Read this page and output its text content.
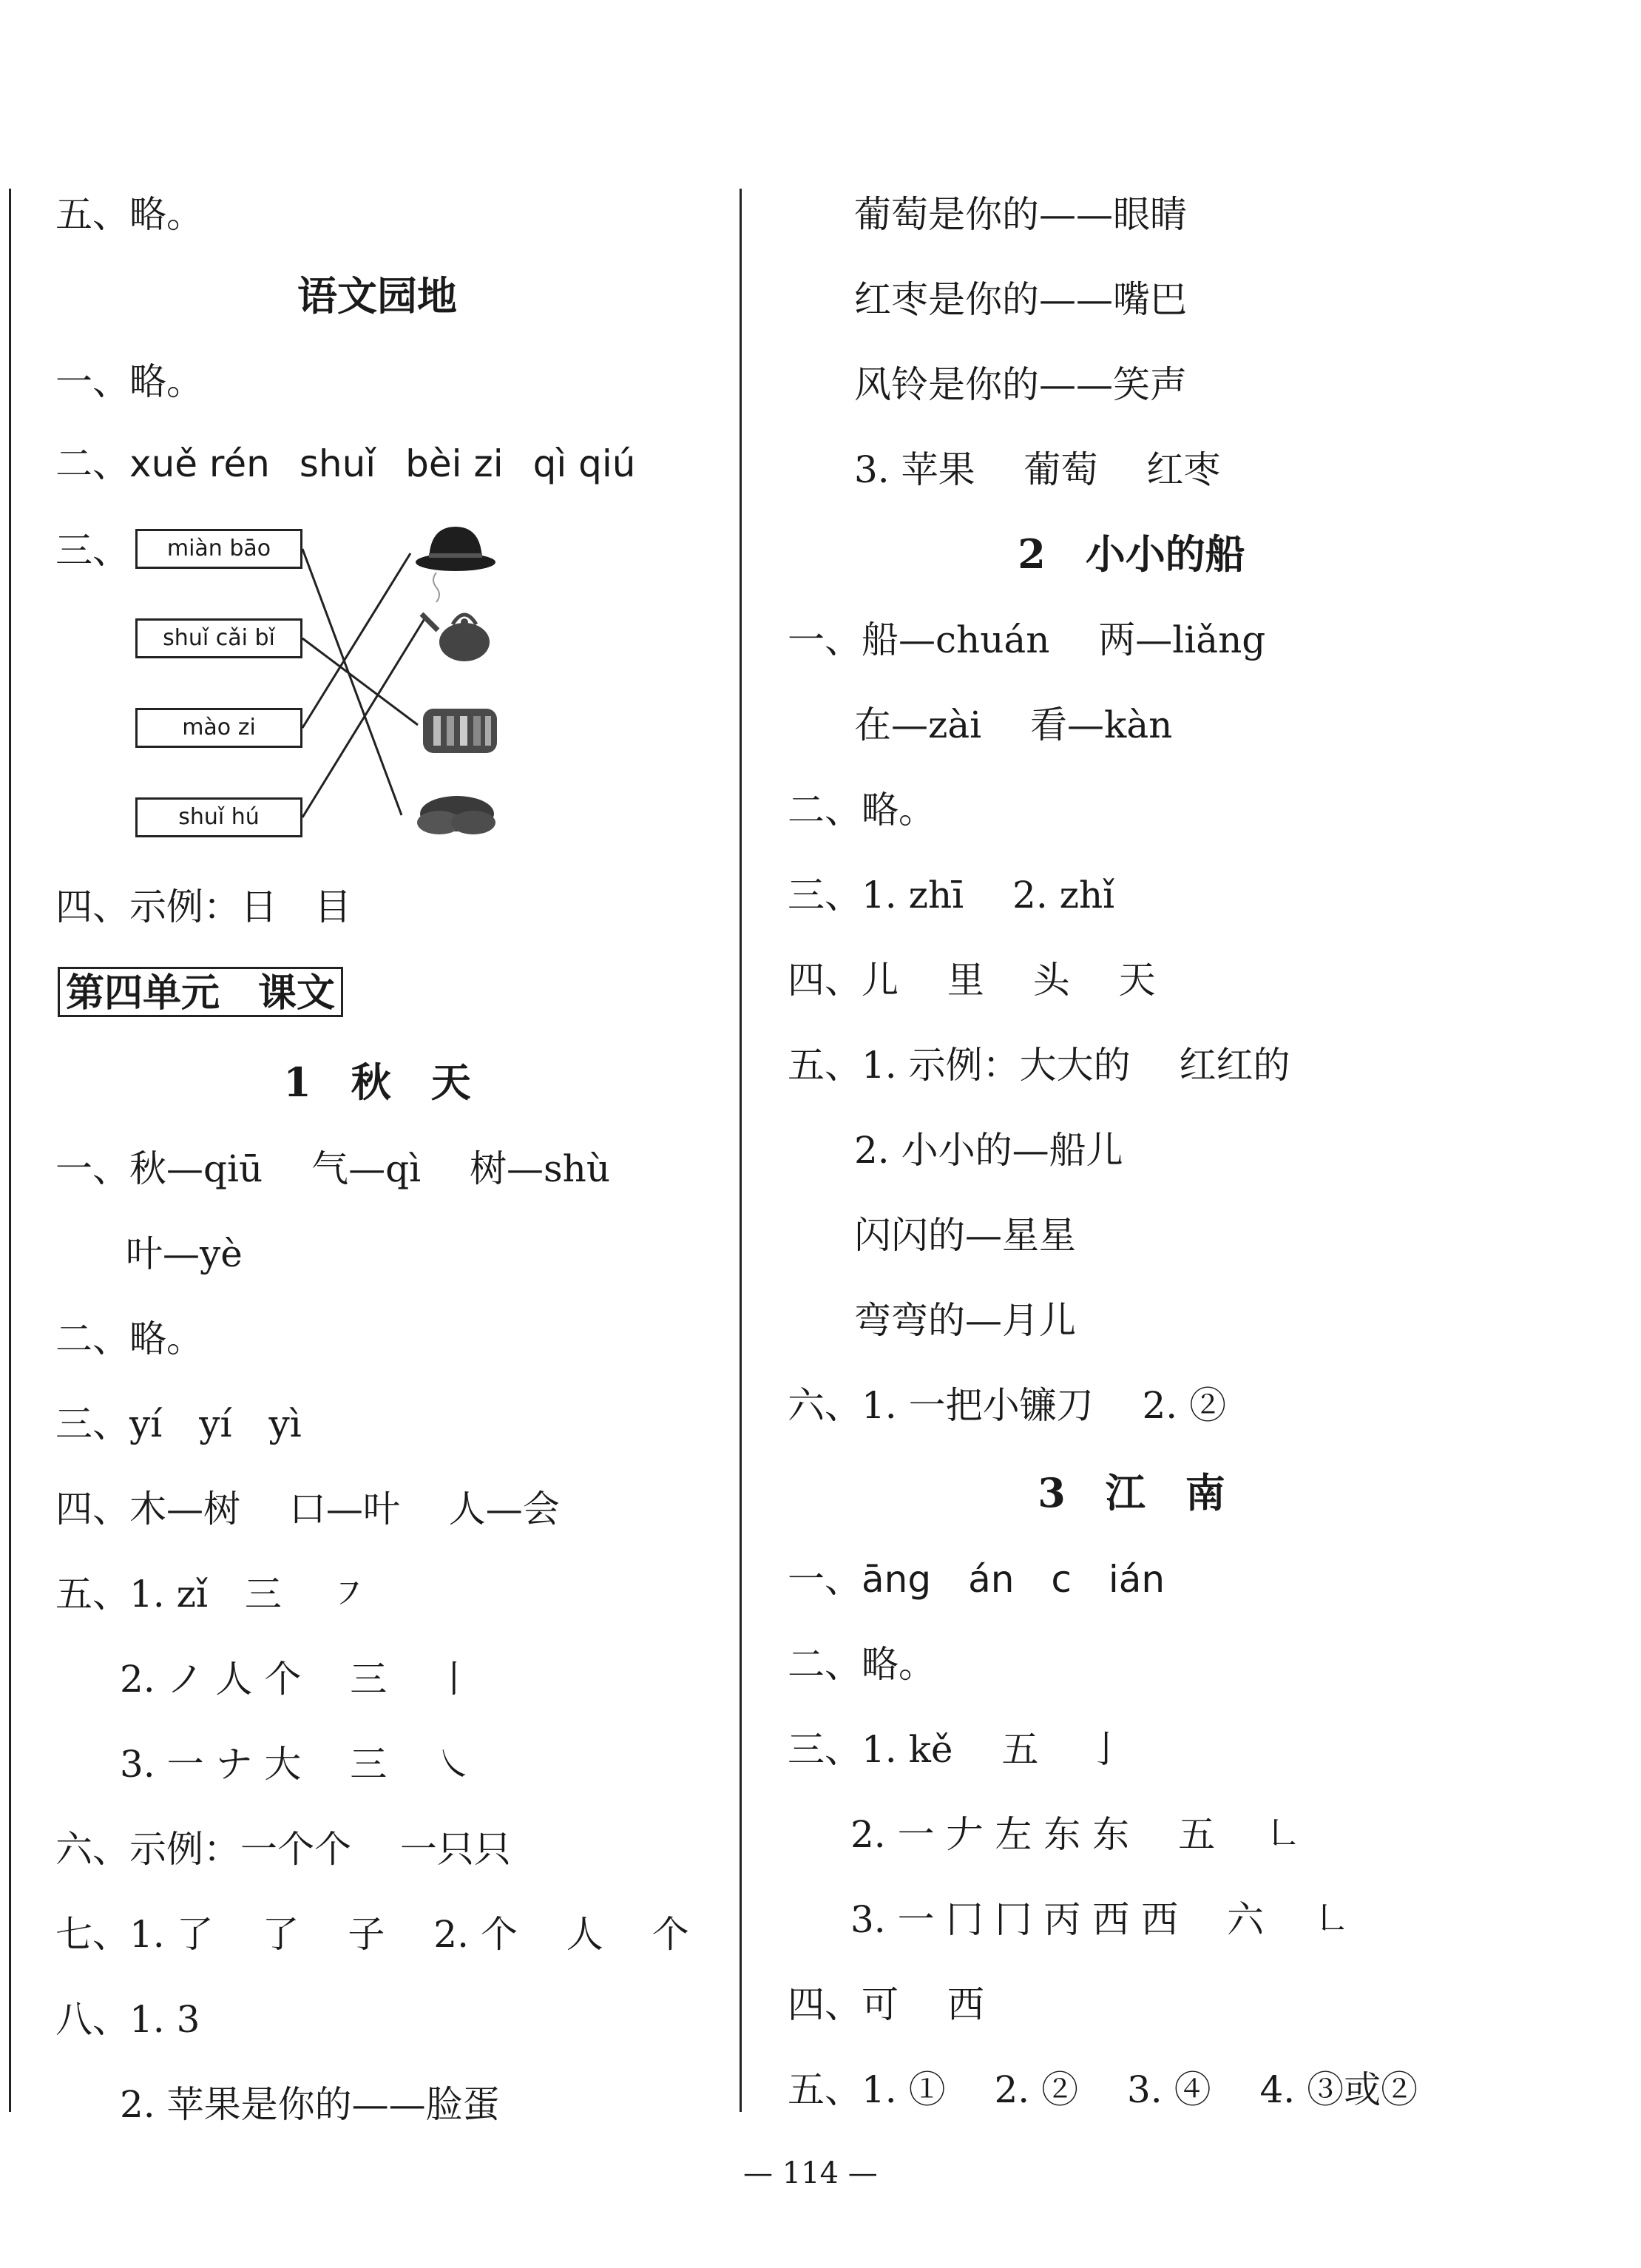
五、略。
语文园地
一、略。
二、xuě rén shuǐ bèi zi qì qiú
三、	miàn bāo
shuǐ cǎi bǐ
mào zi
shuǐ hú
四、示例：日　目
第四单元　课文
1　秋　天
一、秋—qiū　 气—qì　 树—shù
叶—yè
二、略。
三、yí　yí　yì
四、木—树　 口—叶　 人—会
五、1. zǐ　三　 ㇇
2. ノ 人 个　 三　 丨
3. 一 ナ 大　 三　 ㇏
六、示例：一个个　 一只只
七、1. 了　 了　 子　 2. 个　 人　 个
八、1. 3
2. 苹果是你的——脸蛋
葡萄是你的——眼睛
红枣是你的——嘴巴
风铃是你的——笑声
3. 苹果　 葡萄　 红枣
2　小小的船
一、船—chuán　 两—liǎng
在—zài　 看—kàn
二、略。
三、1. zhī　 2. zhǐ
四、儿　 里　 头　 天
五、1. 示例：大大的　 红红的
2. 小小的—船儿
闪闪的—星星
弯弯的—月儿
六、1. 一把小镰刀　 2. ②
3　江　南
一、āng　án　c　ián
二、略。
三、1. kě　 五　 亅
2. 一 𠂇 左 东 东　 五　 ㇗
3. 一 冂 冂 丙 西 西　 六　 ㇗
四、可　 西
五、1. ①　 2. ②　 3. ④　 4. ③或②
— 114 —
